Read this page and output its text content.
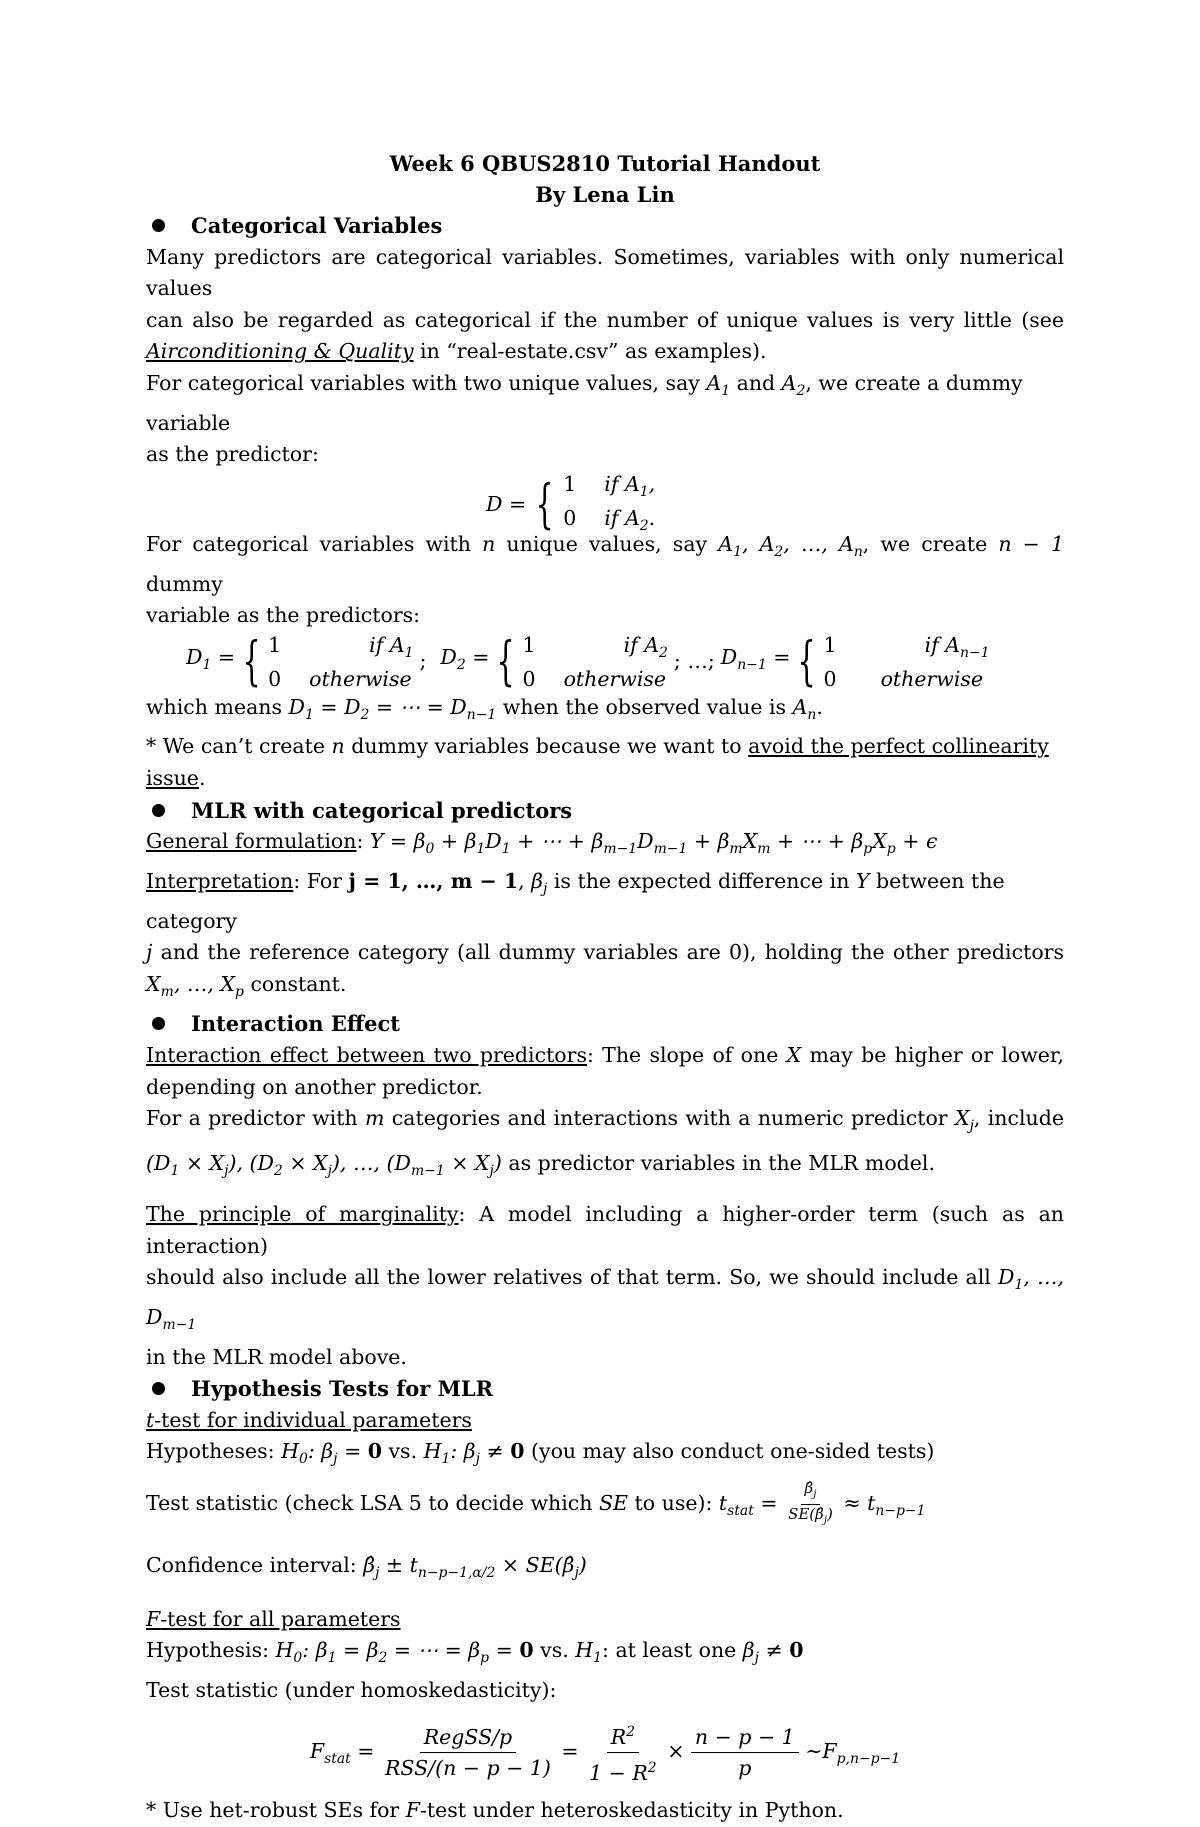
Week 6 QBUS2810 Tutorial Handout
By Lena Lin
Categorical Variables
Many predictors are categorical variables. Sometimes, variables with only numerical values
can also be regarded as categorical if the number of unique values is very little (see
Airconditioning & Quality in “real-estate.csv” as examples).
For categorical variables with two unique values, say $A_1$ and $A_2$, we create a dummy variable
as the predictor:
D = { 1 if $A_1$,
0 if $A_2$.
For categorical variables with n unique values, say $A_1$, $A_2$, …, $A_n$, we create n − 1 dummy
variable as the predictors:
$D_1$ = { 1	if $A_1$
0 otherwise
; $D_2$ = { 1	if $A_2$
0 otherwise
; …; $D_{n-1}$ = { 1	if $A_{n-1}$
0 otherwise
which means $D_1 = D_2$ = ⋯ = $D_{n-1}$ when the observed value is $A_n$.
* We can’t create n dummy variables because we want to avoid the perfect collinearity issue.
MLR with categorical predictors
General formulation: $Y = \beta_0 + \beta_1D_1$ + ⋯ + $\beta_{m-1}D_{m-1} + \beta_mX_m$ + ⋯ + $\beta_pX_p + \epsilon$
Interpretation: For j = 1, …, m − 1, $\beta_j$ is the expected difference in Y between the category
j and the reference category (all dummy variables are 0), holding the other predictors
$X_m$, …, $X_p$ constant.
Interaction Effect
Interaction effect between two predictors: The slope of one X may be higher or lower,
depending on another predictor.
For a predictor with m categories and interactions with a numeric predictor $X_j$, include
$(D_1 \times X_j)$, $(D_2 \times X_j)$, …, $(D_{m-1} \times X_j)$ as predictor variables in the MLR model.
The principle of marginality: A model including a higher-order term (such as an interaction)
should also include all the lower relatives of that term. So, we should include all $D_1$, …, $D_{m-1}$
in the MLR model above.
Hypothesis Tests for MLR
t-test for individual parameters
Hypotheses: $H_0$: $\beta_j = 0$ vs. $H_1$: $\beta_j \ne 0$ (you may also conduct one-sided tests)
Test statistic (check LSA 5 to decide which SE to use): $t_{stat} = \frac{\betâ_j}{SE(\betâ_j)} \approx t_{n-p-1}$
Confidence interval: $\betâ_j \pm t_{n-p-1,\alpha/2}$ × $SE(\betâ_j)$
F-test for all parameters
Hypothesis: $H_0$: $\beta_1 = \beta_2$ = ⋯ = $\beta_p = 0$ vs. $H_1$: at least one $\beta_j \ne 0$
Test statistic (under homoskedasticity):
$F_{stat} = \frac{\text{RegSS/p}}{\text{RSS/(n − p − 1)}} = \frac{R^2}{1 - R^2} \times \frac{n - p - 1}{p}$ $\sim F_{p,n-p-1}$
* Use het-robust SEs for F-test under heteroskedasticity in Python.
